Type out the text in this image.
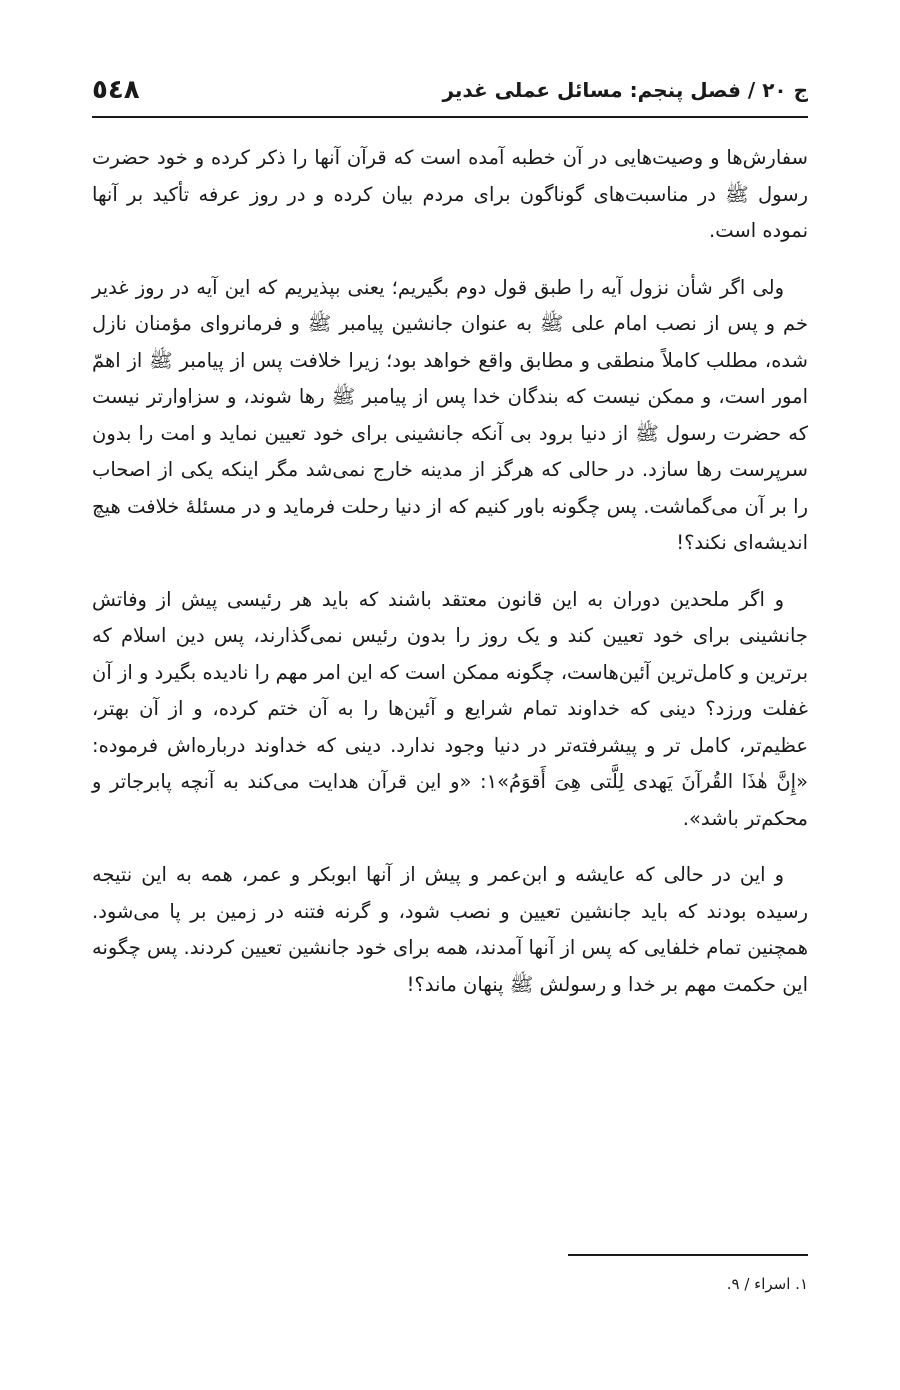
ج ٢٠ / فصل پنجم: مسائل عملی غدیر
٥٤٨

سفارش‌ها و وصیت‌هایی در آن خطبه آمده است که قرآن آنها را ذکر کرده و خود حضرت رسول ﷺ در مناسبت‌های گوناگون برای مردم بیان کرده و در روز عرفه تأکید بر آنها نموده است.

ولی اگر شأن نزول آیه را طبق قول دوم بگیریم؛ یعنی بپذیریم که این آیه در روز غدیر خم و پس از نصب امام علی ﷺ به عنوان جانشین پیامبر ﷺ و فرمانروای مؤمنان نازل شده، مطلب کاملاً منطقی و مطابق واقع خواهد بود؛ زیرا خلافت پس از پیامبر ﷺ از اهمّ امور است، و ممکن نیست که بندگان خدا پس از پیامبر ﷺ رها شوند، و سزاوارتر نیست که حضرت رسول ﷺ از دنیا برود بی آنکه جانشینی برای خود تعیین نماید و امت را بدون سرپرست رها سازد. در حالی که هرگز از مدینه خارج نمی‌شد مگر اینکه یکی از اصحاب را بر آن می‌گماشت. پس چگونه باور کنیم که از دنیا رحلت فرماید و در مسئلهٔ خلافت هیچ اندیشه‌ای نکند؟!

و اگر ملحدین دوران به این قانون معتقد باشند که باید هر رئیسی پیش از وفاتش جانشینی برای خود تعیین کند و یک روز را بدون رئیس نمی‌گذارند، پس دین اسلام که برترین و کامل‌ترین آئین‌هاست، چگونه ممکن است که این امر مهم را نادیده بگیرد و از آن غفلت ورزد؟ دینی که خداوند تمام شرایع و آئین‌ها را به آن ختم کرده، و از آن بهتر، عظیم‌تر، کامل تر و پیشرفته‌تر در دنیا وجود ندارد. دینی که خداوند درباره‌اش فرموده: «إِنَّ هٰذَا القُرآنَ یَهدی لِلَّتی هِیَ أَقوَمُ»١: «و این قرآن هدایت می‌کند به آنچه پابرجاتر و محکم‌تر باشد».

و این در حالی که عایشه و ابن‌عمر و پیش از آنها ابوبکر و عمر، همه به این نتیجه رسیده بودند که باید جانشین تعیین و نصب شود، و گرنه فتنه در زمین بر پا می‌شود. همچنین تمام خلفایی که پس از آنها آمدند، همه برای خود جانشین تعیین کردند. پس چگونه این حکمت مهم بر خدا و رسولش ﷺ پنهان ماند؟!

١. اسراء / ٩.
